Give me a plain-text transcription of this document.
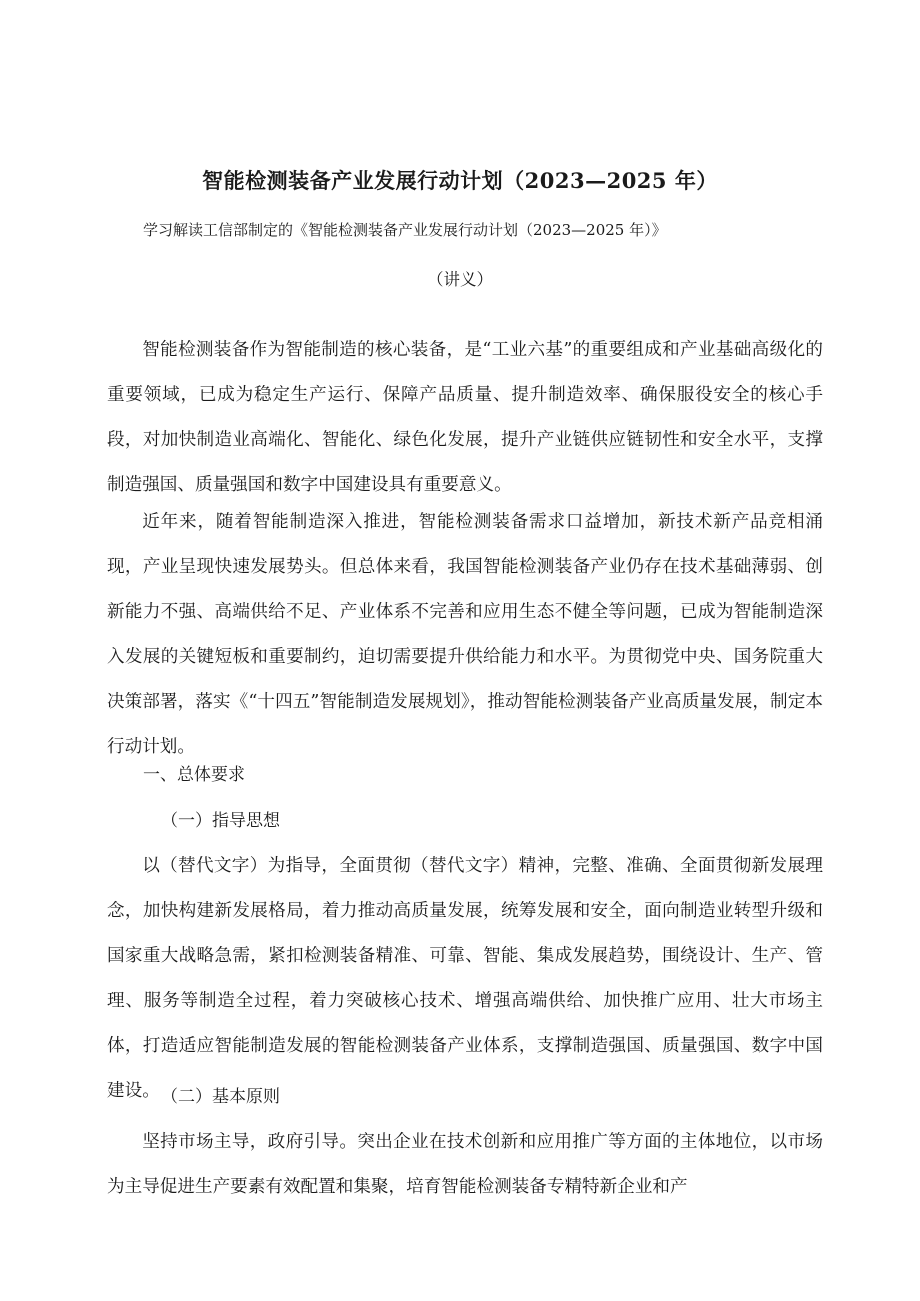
智能检测装备产业发展行动计划（2023—2025 年）

学习解读工信部制定的《智能检测装备产业发展行动计划（2023—2025 年）》

（讲义）

智能检测装备作为智能制造的核心装备，是“工业六基”的重要组成和产业基础高级化的重要领域，已成为稳定生产运行、保障产品质量、提升制造效率、确保服役安全的核心手段，对加快制造业高端化、智能化、绿色化发展，提升产业链供应链韧性和安全水平，支撑制造强国、质量强国和数字中国建设具有重要意义。

近年来，随着智能制造深入推进，智能检测装备需求口益增加，新技术新产品竞相涌现，产业呈现快速发展势头。但总体来看，我国智能检测装备产业仍存在技术基础薄弱、创新能力不强、高端供给不足、产业体系不完善和应用生态不健全等问题，已成为智能制造深入发展的关键短板和重要制约，迫切需要提升供给能力和水平。为贯彻党中央、国务院重大决策部署，落实《“十四五”智能制造发展规划》，推动智能检测装备产业高质量发展，制定本行动计划。

一、总体要求

（一）指导思想

以（替代文字）为指导，全面贯彻（替代文字）精神，完整、准确、全面贯彻新发展理念，加快构建新发展格局，着力推动高质量发展，统筹发展和安全，面向制造业转型升级和国家重大战略急需，紧扣检测装备精准、可靠、智能、集成发展趋势，围绕设计、生产、管理、服务等制造全过程，着力突破核心技术、增强高端供给、加快推广应用、壮大市场主体，打造适应智能制造发展的智能检测装备产业体系，支撑制造强国、质量强国、数字中国建设。 （二）基本原则

坚持市场主导，政府引导。突出企业在技术创新和应用推广等方面的主体地位，以市场为主导促进生产要素有效配置和集聚，培育智能检测装备专精特新企业和产
